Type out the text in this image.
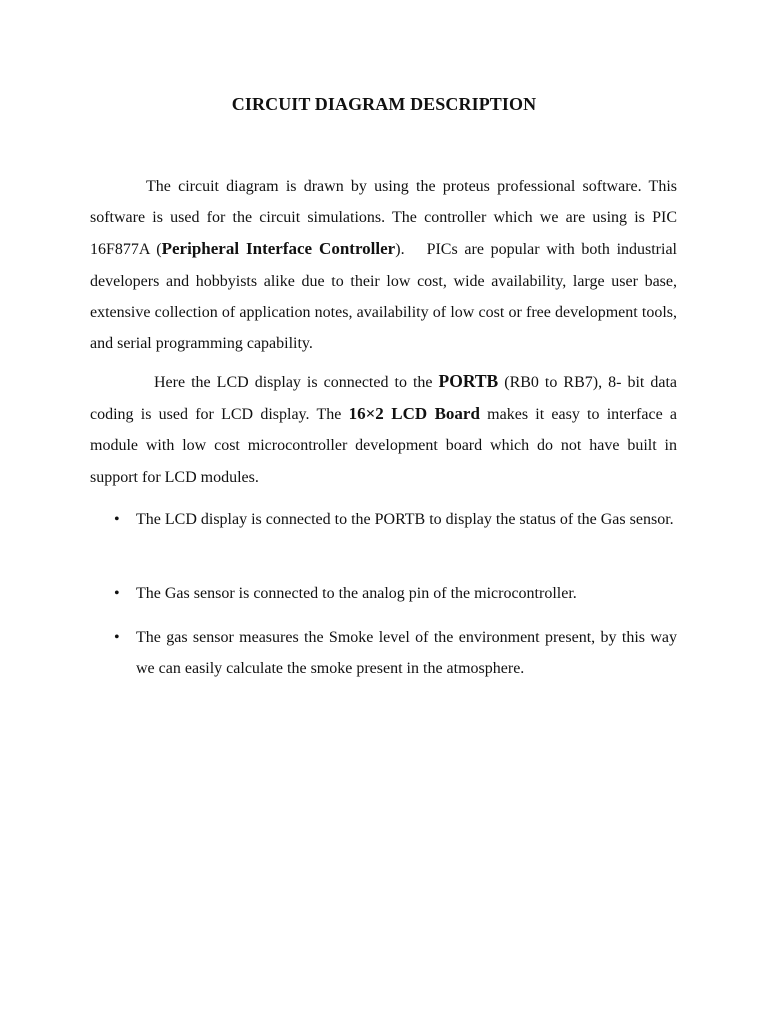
CIRCUIT DIAGRAM DESCRIPTION

The circuit diagram is drawn by using the proteus professional software. This software is used for the circuit simulations. The controller which we are using is PIC 16F877A (Peripheral Interface Controller). PICs are popular with both industrial developers and hobbyists alike due to their low cost, wide availability, large user base, extensive collection of application notes, availability of low cost or free development tools, and serial programming capability.

Here the LCD display is connected to the PORTB (RB0 to RB7), 8- bit data coding is used for LCD display. The 16×2 LCD Board makes it easy to interface a module with low cost microcontroller development board which do not have built in support for LCD modules.

• The LCD display is connected to the PORTB to display the status of the Gas sensor.
• The Gas sensor is connected to the analog pin of the microcontroller.
• The gas sensor measures the Smoke level of the environment present, by this way we can easily calculate the smoke present in the atmosphere.
